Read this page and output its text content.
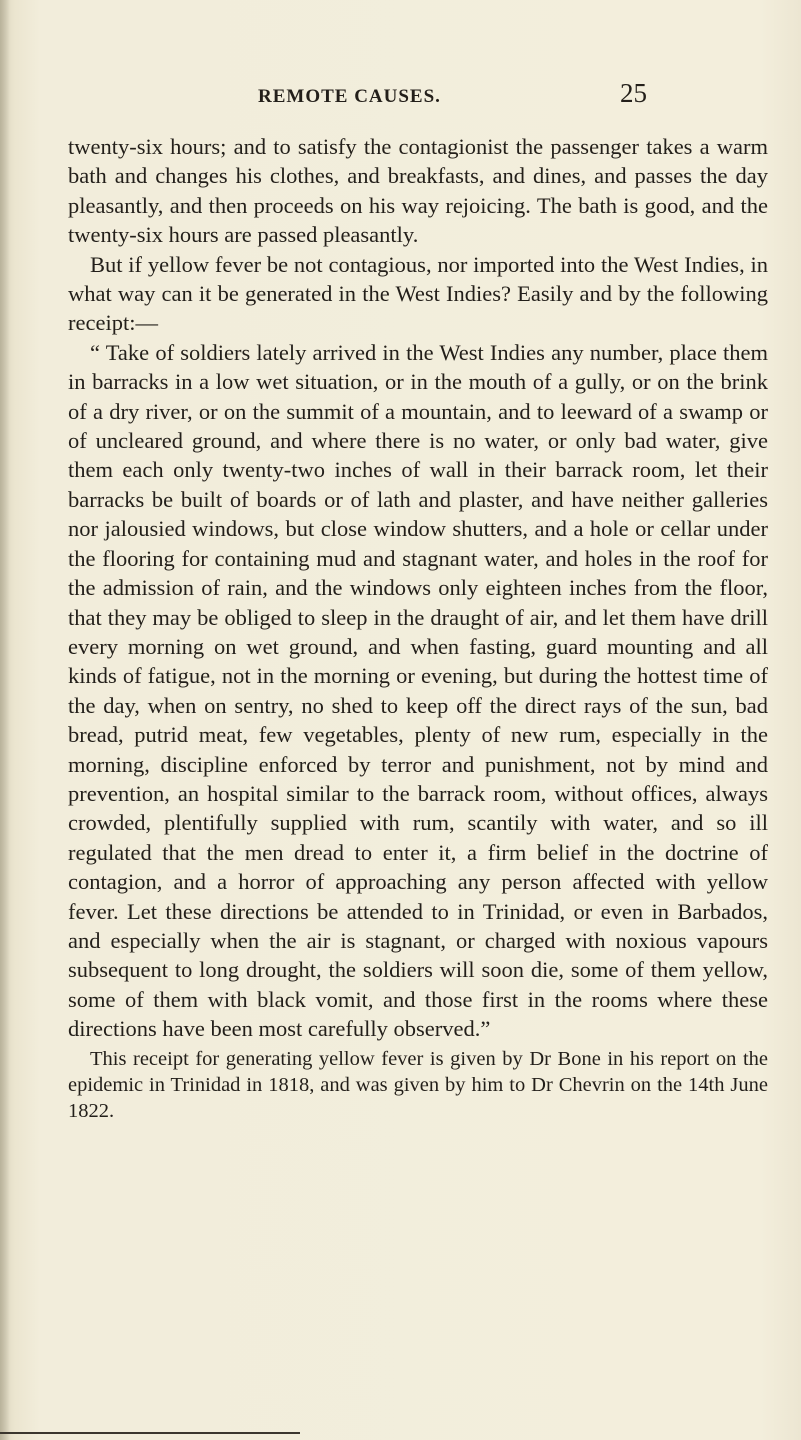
REMOTE CAUSES.	25

twenty-six hours; and to satisfy the contagionist the passenger takes a warm bath and changes his clothes, and breakfasts, and dines, and passes the day pleasantly, and then proceeds on his way rejoicing. The bath is good, and the twenty-six hours are passed pleasantly.

But if yellow fever be not contagious, nor imported into the West Indies, in what way can it be generated in the West Indies? Easily and by the following receipt:—

“ Take of soldiers lately arrived in the West Indies any number, place them in barracks in a low wet situation, or in the mouth of a gully, or on the brink of a dry river, or on the summit of a mountain, and to leeward of a swamp or of uncleared ground, and where there is no water, or only bad water, give them each only twenty-two inches of wall in their barrack room, let their barracks be built of boards or of lath and plaster, and have neither galleries nor jalousied windows, but close window shutters, and a hole or cellar under the flooring for containing mud and stagnant water, and holes in the roof for the admission of rain, and the windows only eighteen inches from the floor, that they may be obliged to sleep in the draught of air, and let them have drill every morning on wet ground, and when fasting, guard mounting and all kinds of fatigue, not in the morning or evening, but during the hottest time of the day, when on sentry, no shed to keep off the direct rays of the sun, bad bread, putrid meat, few vegetables, plenty of new rum, especially in the morning, discipline enforced by terror and punishment, not by mind and prevention, an hospital similar to the barrack room, without offices, always crowded, plentifully supplied with rum, scantily with water, and so ill regulated that the men dread to enter it, a firm belief in the doctrine of contagion, and a horror of approaching any person affected with yellow fever. Let these directions be attended to in Trinidad, or even in Barbados, and especially when the air is stagnant, or charged with noxious vapours subsequent to long drought, the soldiers will soon die, some of them yellow, some of them with black vomit, and those first in the rooms where these directions have been most carefully observed.”

This receipt for generating yellow fever is given by Dr Bone in his report on the epidemic in Trinidad in 1818, and was given by him to Dr Chevrin on the 14th June 1822.
